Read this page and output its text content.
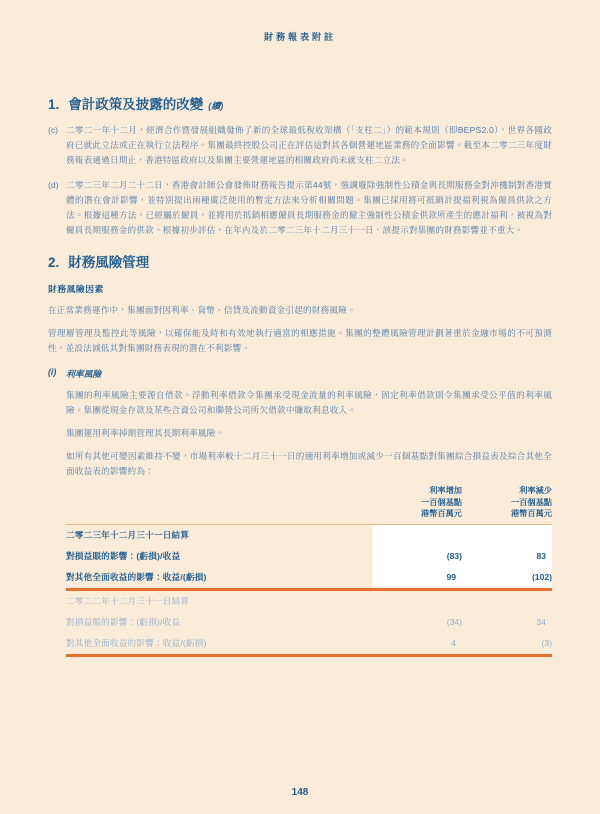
財務報表附註
1. 會計政策及披露的改變 (續)
(c) 二零二一年十二月，經濟合作暨發展組織發佈了新的全球最低稅收架構（「支柱二」）的範本規則（即BEPS2.0），世界各國政府已就此立法或正在執行立法程序。集團最終控股公司正在評估這對其各個營運地區業務的全面影響。截至本二零二三年度財務報表通過日期止，香港特區政府以及集團主要營運地區的相關政府尚未就支柱二立法。

(d) 二零二三年二月二十二日，香港會計師公會發佈財務報告提示第44號，強調廢除強制性公積金與長期服務金對沖機制對香港實體的潛在會計影響，並特別提出兩種廣泛使用的暫定方法來分析相關問題。集團已採用將可抵銷計提福利視為僱員供款之方法。根據這種方法，已經屬於僱員，並將用於抵銷相應僱員長期服務金的僱主強制性公積金供款所產生的應計福利，被視為對僱員長期服務金的供款。根據初步評估，在年內及於二零二三年十二月三十一日，該提示對集團的財務影響並不重大。

2. 財務風險管理
財務風險因素

在正常業務運作中，集團面對因利率、貨幣、信貸及流動資金引起的財務風險。

管理層管理及監控此等風險，以確保能及時和有效地執行適當的相應措施。集團的整體風險管理計劃著重於金融市場的不可預測性，並設法減低其對集團財務表現的潛在不利影響。

(i)	利率風險

集團的利率風險主要源自借款。浮動利率借款令集團承受現金流量的利率風險，固定利率借款則令集團承受公平值的利率風險。集團從現金存款及某些合資公司和聯營公司所欠借款中賺取利息收入。

集團運用利率掉期管理其長期利率風險。

如所有其他可變因素維持不變，市場利率較十二月三十一日的適用利率增加或減少一百個基點對集團綜合損益表及綜合其他全面收益表的影響約為：

利率增加
一百個基點
港幣百萬元
利率減少
一百個基點
港幣百萬元
二零二三年十二月三十一日結算
對損益賬的影響：(虧損)/收益	(83)	83
對其他全面收益的影響：收益/(虧損)	99	(102)
二零二二年十二月三十一日結算
對損益賬的影響：(虧損)/收益	(34)	34
對其他全面收益的影響：收益/(虧損)	4	(3)
148
